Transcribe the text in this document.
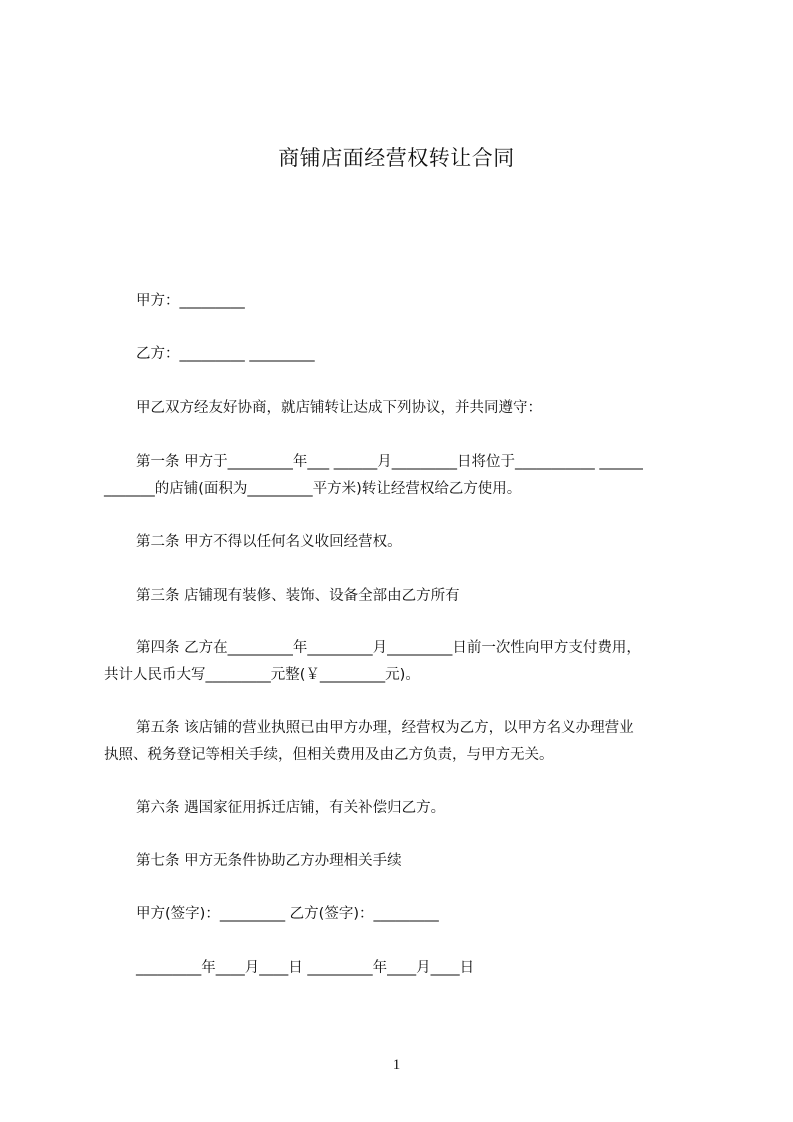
商铺店面经营权转让合同
甲方：_________
乙方：_________ _________
甲乙双方经友好协商，就店铺转让达成下列协议，并共同遵守：
第一条 甲方于_________年___ ______月_________日将位于___________ ______
_______的店铺(面积为_________平方米)转让经营权给乙方使用。
第二条 甲方不得以任何名义收回经营权。
第三条 店铺现有装修、装饰、设备全部由乙方所有
第四条 乙方在_________年_________月_________日前一次性向甲方支付费用，
共计人民币大写_________元整(￥_________元)。
第五条 该店铺的营业执照已由甲方办理，经营权为乙方，以甲方名义办理营业
执照、税务登记等相关手续，但相关费用及由乙方负责，与甲方无关。
第六条 遇国家征用拆迁店铺，有关补偿归乙方。
第七条 甲方无条件协助乙方办理相关手续
甲方(签字)：_________ 乙方(签字)：_________
_________年____月____日 _________年____月____日
1
